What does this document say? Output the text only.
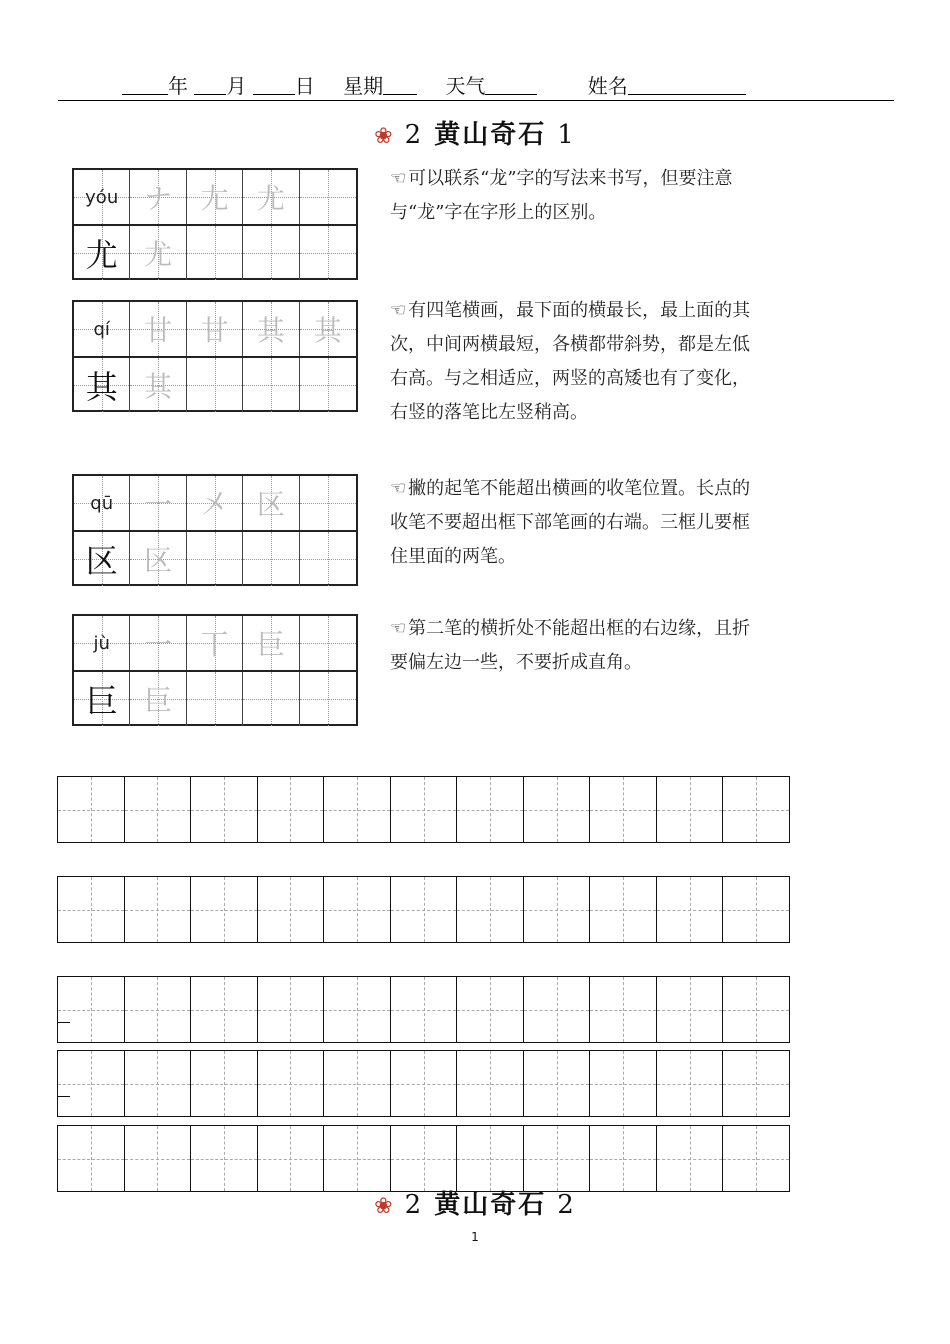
年 月 日 星期	天气	姓名
❀ 2 黄山奇石 1
yóu ナ 尢 尤
尤 尤
☜ 可以联系“龙”字的写法来书写，但要注意与“龙”字在字形上的区别。
qí 甘 甘 其 其
其 其
☜ 有四笔横画，最下面的横最长，最上面的其次，中间两横最短，各横都带斜势，都是左低右高。与之相适应，两竖的高矮也有了变化，右竖的落笔比左竖稍高。
qū 一 㐅 区
区 区
☜ 撇的起笔不能超出横画的收笔位置。长点的收笔不要超出框下部笔画的右端。三框儿要框住里面的两笔。
jù 一 丅 巨
巨 巨
☜ 第二笔的横折处不能超出框的右边缘，且折要偏左边一些，不要折成直角。
❀ 2 黄山奇石 2
1
